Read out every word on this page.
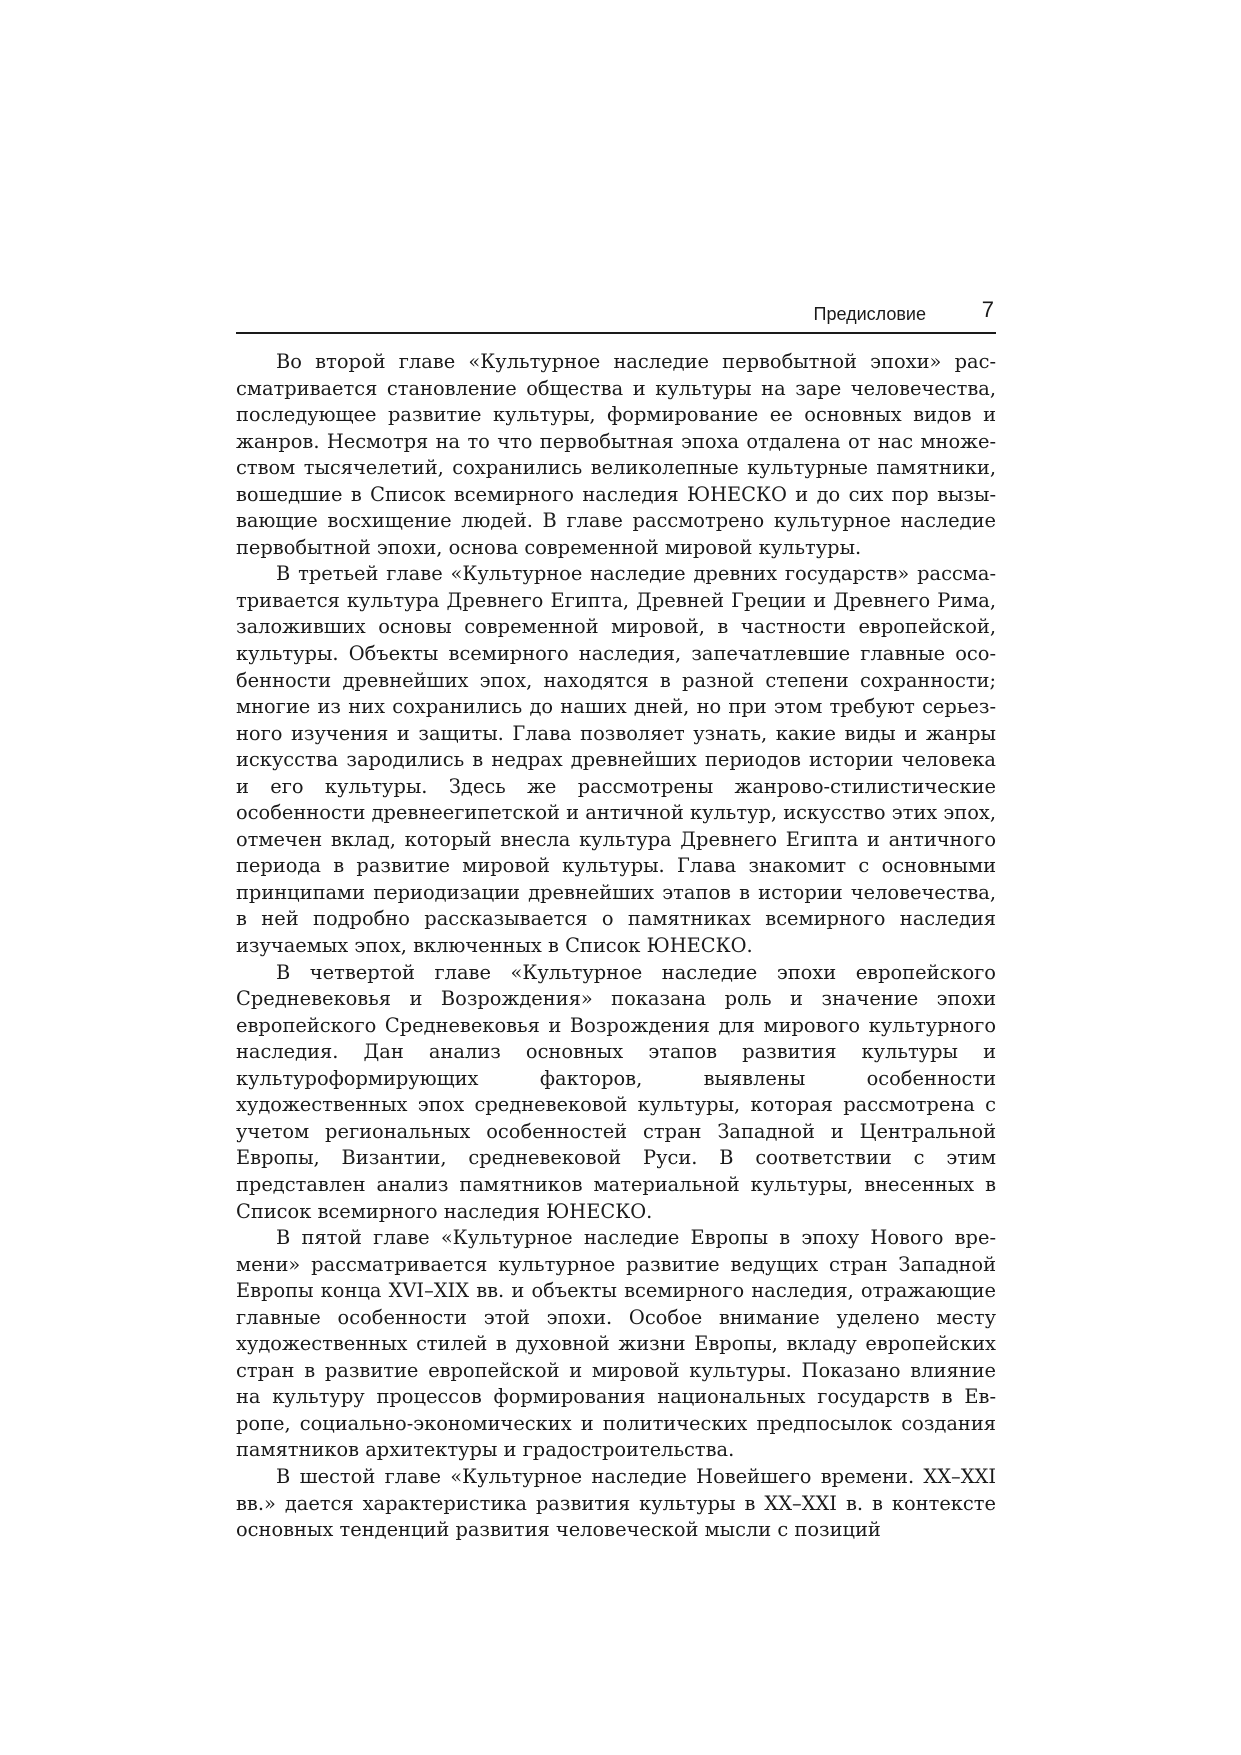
Предисловие	7

Во второй главе «Культурное наследие первобытной эпохи» рассматривается становление общества и культуры на заре человечества, последующее развитие культуры, формирование ее основных видов и жанров. Несмотря на то что первобытная эпоха отдалена от нас множеством тысячелетий, сохранились великолепные культурные памятники, вошедшие в Список всемирного наследия ЮНЕСКО и до сих пор вызывающие восхищение людей. В главе рассмотрено культурное наследие первобытной эпохи, основа современной мировой культуры.

В третьей главе «Культурное наследие древних государств» рассматривается культура Древнего Египта, Древней Греции и Древнего Рима, заложивших основы современной мировой, в частности европейской, культуры. Объекты всемирного наследия, запечатлевшие главные особенности древнейших эпох, находятся в разной степени сохранности; многие из них сохранились до наших дней, но при этом требуют серьезного изучения и защиты. Глава позволяет узнать, какие виды и жанры искусства зародились в недрах древнейших периодов истории человека и его культуры. Здесь же рассмотрены жанрово-стилистические особенности древнеегипетской и античной культур, искусство этих эпох, отмечен вклад, который внесла культура Древнего Египта и античного периода в развитие мировой культуры. Глава знакомит с основными принципами периодизации древнейших этапов в истории человечества, в ней подробно рассказывается о памятниках всемирного наследия изучаемых эпох, включенных в Список ЮНЕСКО.

В четвертой главе «Культурное наследие эпохи европейского Средневековья и Возрождения» показана роль и значение эпохи европейского Средневековья и Возрождения для мирового культурного наследия. Дан анализ основных этапов развития культуры и культуроформирующих факторов, выявлены особенности художественных эпох средневековой культуры, которая рассмотрена с учетом региональных особенностей стран Западной и Центральной Европы, Византии, средневековой Руси. В соответствии с этим представлен анализ памятников материальной культуры, внесенных в Список всемирного наследия ЮНЕСКО.

В пятой главе «Культурное наследие Европы в эпоху Нового времени» рассматривается культурное развитие ведущих стран Западной Европы конца XVI–XIX вв. и объекты всемирного наследия, отражающие главные особенности этой эпохи. Особое внимание уделено месту художественных стилей в духовной жизни Европы, вкладу европейских стран в развитие европейской и мировой культуры. Показано влияние на культуру процессов формирования национальных государств в Европе, социально-экономических и политических предпосылок создания памятников архитектуры и градостроительства.

В шестой главе «Культурное наследие Новейшего времени. XX–XXI вв.» дается характеристика развития культуры в XX–XXI в. в контексте основных тенденций развития человеческой мысли с позиций
